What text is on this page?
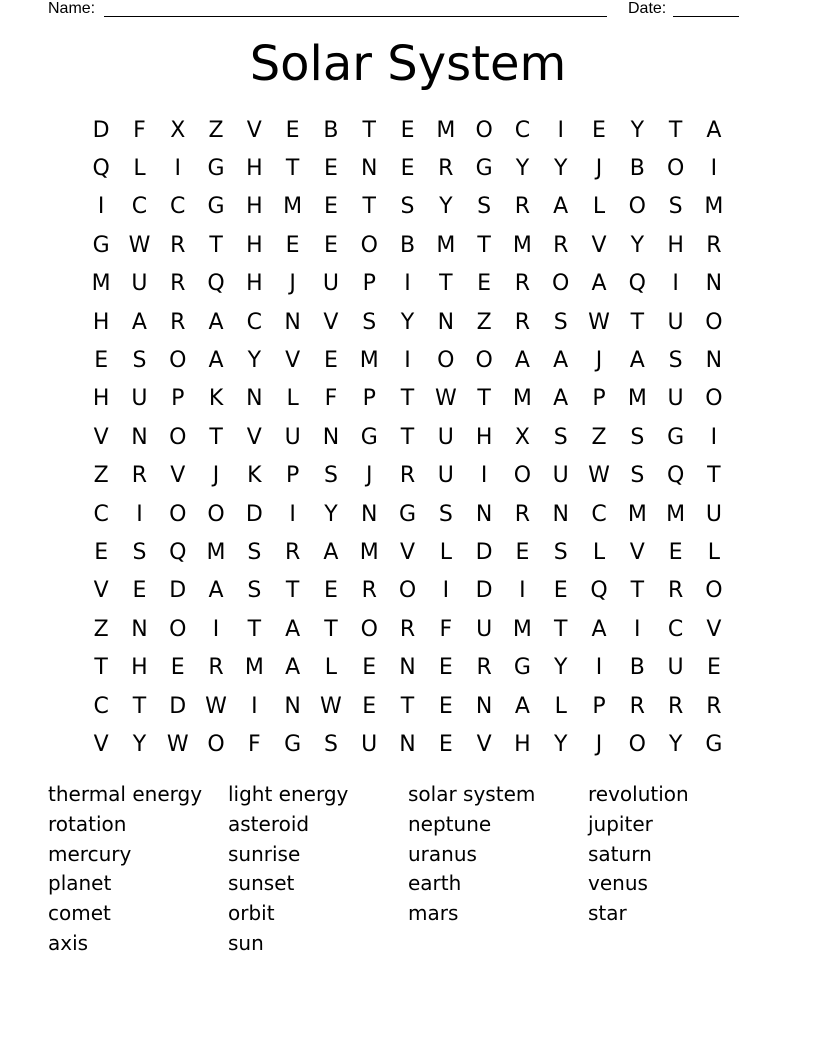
Name:	Date:
Solar System
D	F	X	Z	V	E	B	T	E M O C	I	E	Y	T	A
Q	L	I	G H	T	E	N	E	R	G	Y	Y	J	B	O	I
I	C	C	G H M E	T	S	Y	S	R	A	L	O	S M
G W R	T	H	E	E	O	B M	T	M R	V	Y	H	R
M U	R Q H	J	U	P	I	T	E	R O	A	Q	I	N
H	A	R	A	C	N	V	S	Y	N	Z	R	S W T	U O
E	S	O	A	Y	V	E M	I	O O	A	A	J	A	S	N
H U	P	K	N	L	F	P	T W T	M A	P	M U O
V	N O	T	V	U	N G	T	U H	X	S	Z	S	G	I
Z	R	V	J	K	P	S	J	R	U	I	O U W S	Q	T
C	I	O O D	I	Y	N G	S	N	R	N	C M M U
E	S	Q M S	R	A M V	L	D	E	S	L	V	E	L
V	E	D	A	S	T	E	R O	I	D	I	E	Q	T	R O
Z	N O	I	T	A	T	O R	F	U M	T	A	I	C	V
T	H	E	R M A	L	E	N	E	R	G	Y	I	B	U	E
C	T	D W	I	N W E	T	E	N	A	L	P	R	R	R
V	Y W O	F	G	S	U	N	E	V	H	Y	J	O	Y	G
thermal energy	light energy	solar system	revolution
rotation	asteroid	neptune	jupiter
mercury	sunrise	uranus	saturn
planet	sunset	earth	venus
comet	orbit	mars	star
axis	sun
